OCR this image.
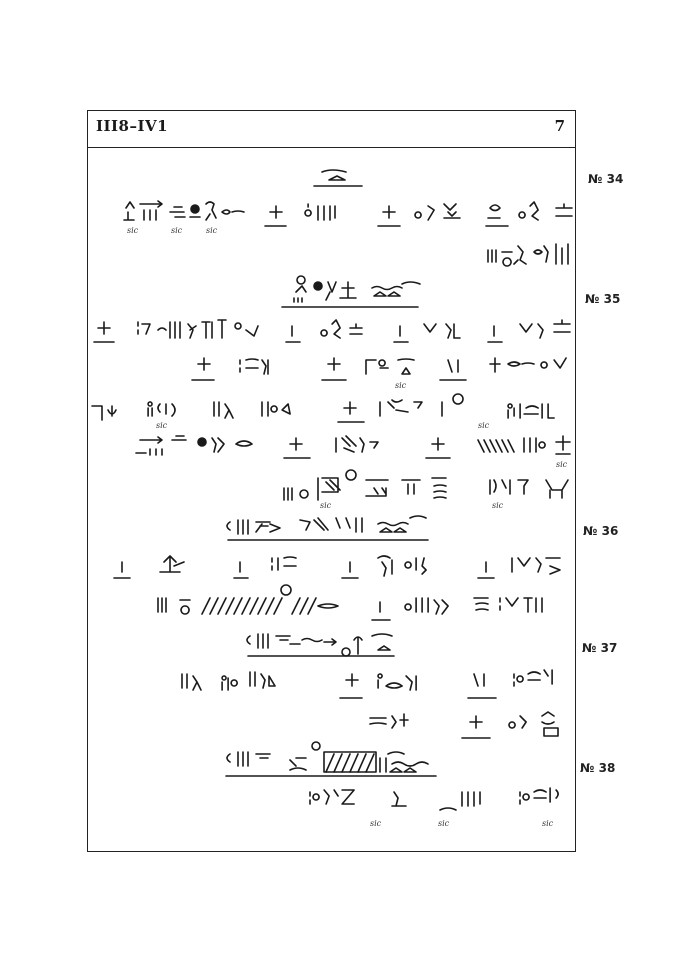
III8–IV1	7
№ 34
№ 35
№ 36
№ 37
№ 38
sic	sic	sic
sic
sic	sic
sic
sic	sic
sic	sic	sic
